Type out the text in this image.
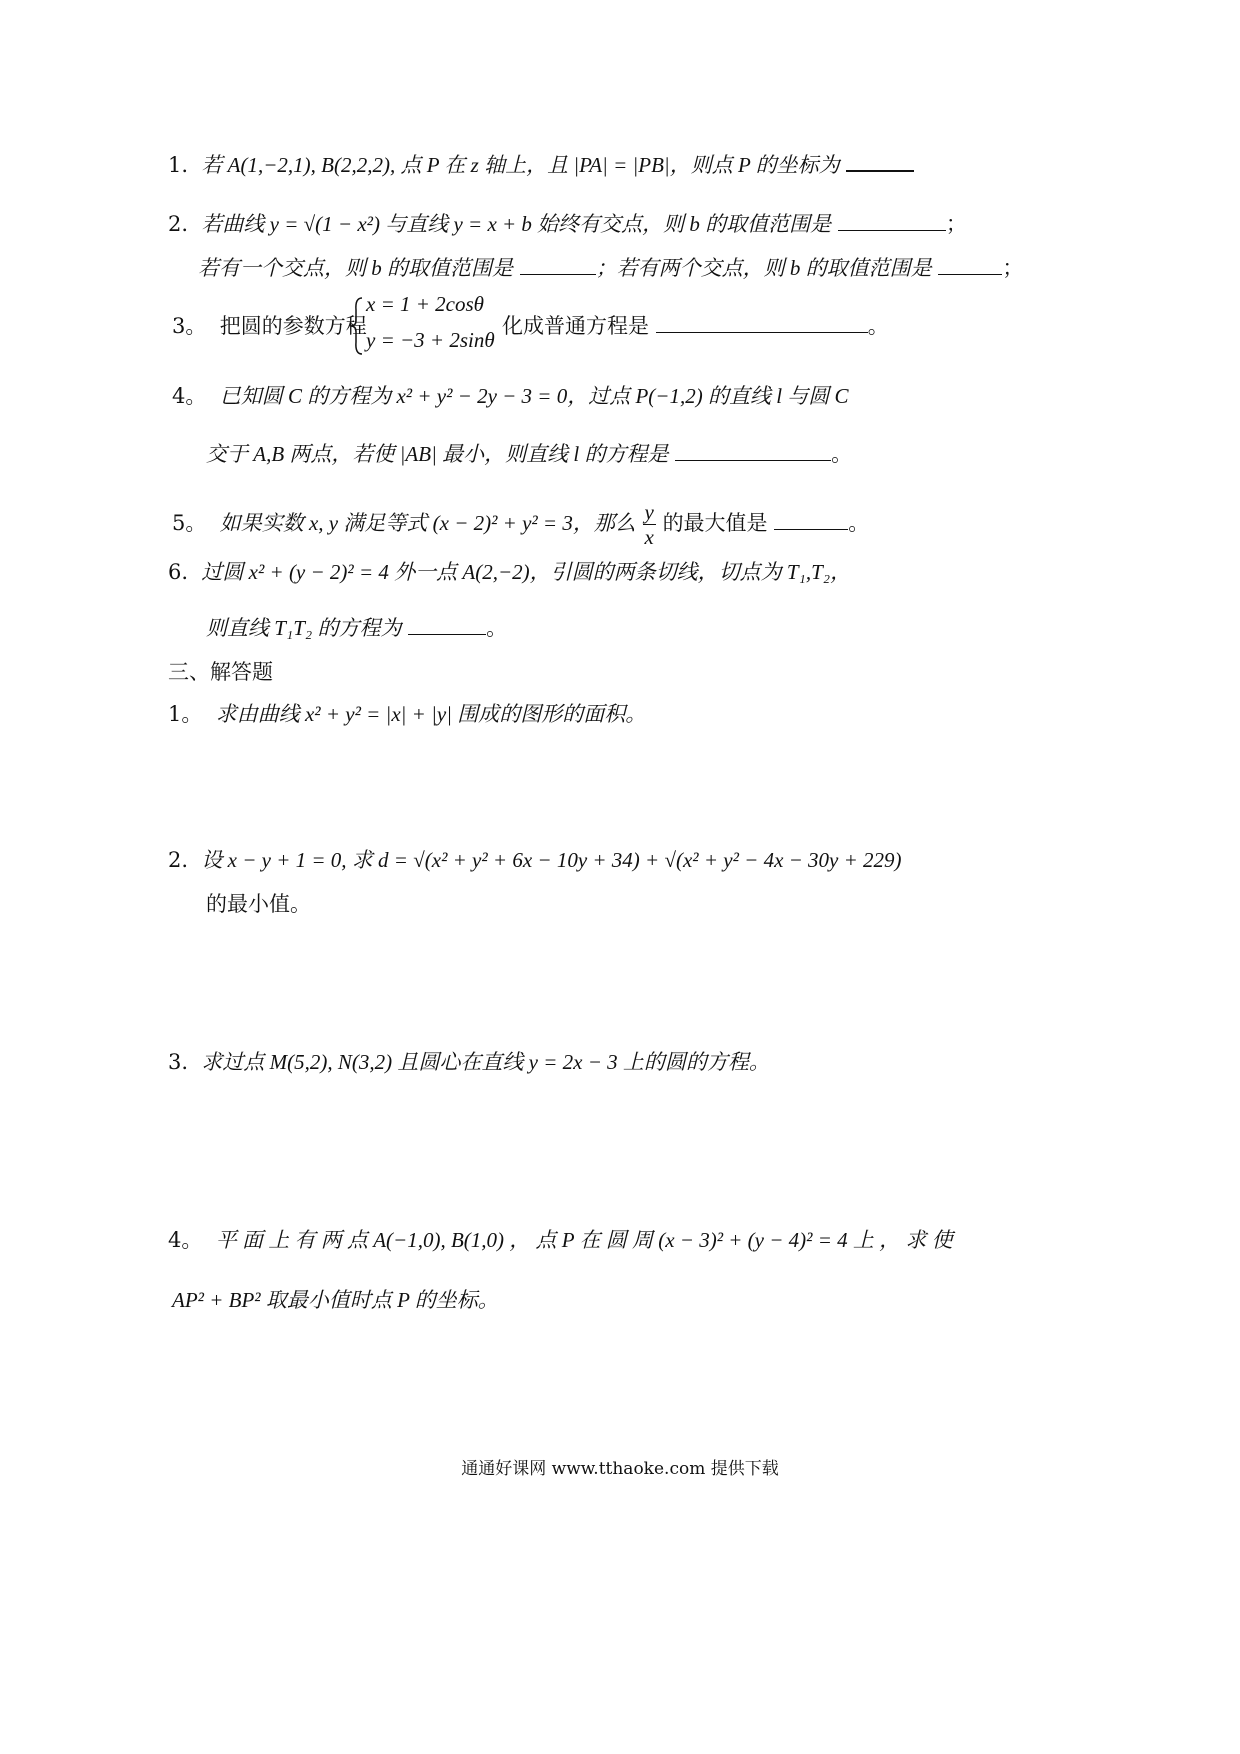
1. 若 A(1,−2,1), B(2,2,2), 点 P 在 z 轴上，且 |PA| = |PB|，则点 P 的坐标为
2. 若曲线 y = √(1 − x²) 与直线 y = x + b 始终有交点，则 b 的取值范围是	；
若有一个交点，则 b 的取值范围是	；若有两个交点，则 b 的取值范围是	；
3。 把圆的参数方程
x = 1 + 2cosθ
y = −3 + 2sinθ
化成普通方程是	。
4。 已知圆 C 的方程为 x² + y² − 2y − 3 = 0，过点 P(−1,2) 的直线 l 与圆 C
交于 A,B 两点，若使 |AB| 最小，则直线 l 的方程是	。
5。 如果实数 x, y 满足等式 (x − 2)² + y² = 3，那么 $\frac{y}{x}$ 的最大值是	。
6. 过圆 x² + (y − 2)² = 4 外一点 A(2,−2)，引圆的两条切线，切点为 T₁,T₂，
则直线 T₁T₂ 的方程为	。
三、解答题
1。 求由曲线 x² + y² = |x| + |y| 围成的图形的面积。
2. 设 x − y + 1 = 0, 求 d = √(x² + y² + 6x − 10y + 34) + √(x² + y² − 4x − 30y + 229)
的最小值。
3. 求过点 M(5,2), N(3,2) 且圆心在直线 y = 2x − 3 上的圆的方程。
4。 平 面 上 有 两 点 A(−1,0), B(1,0) ， 点 P 在 圆 周 (x − 3)² + (y − 4)² = 4 上 ， 求 使
AP² + BP² 取最小值时点 P 的坐标。
通通好课网 www.tthaoke.com 提供下载
